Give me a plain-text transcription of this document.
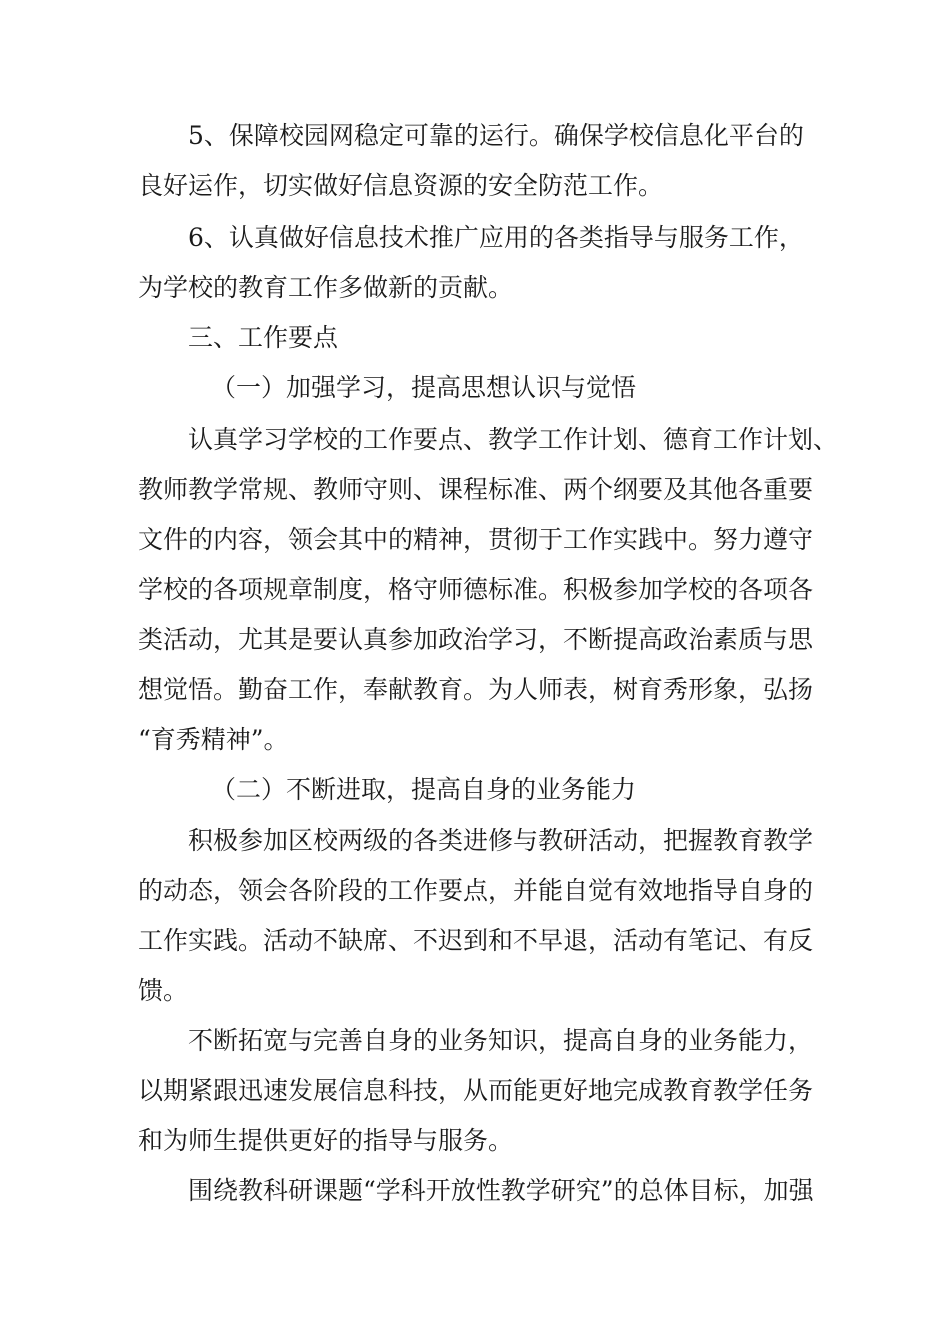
5、保障校园网稳定可靠的运行。确保学校信息化平台的
良好运作，切实做好信息资源的安全防范工作。
6、认真做好信息技术推广应用的各类指导与服务工作，
为学校的教育工作多做新的贡献。
三、工作要点
（一）加强学习，提高思想认识与觉悟
认真学习学校的工作要点、教学工作计划、德育工作计划、
教师教学常规、教师守则、课程标准、两个纲要及其他各重要
文件的内容，领会其中的精神，贯彻于工作实践中。努力遵守
学校的各项规章制度，格守师德标准。积极参加学校的各项各
类活动，尤其是要认真参加政治学习，不断提高政治素质与思
想觉悟。勤奋工作，奉献教育。为人师表，树育秀形象，弘扬
“育秀精神”。
（二）不断进取，提高自身的业务能力
积极参加区校两级的各类进修与教研活动，把握教育教学
的动态，领会各阶段的工作要点，并能自觉有效地指导自身的
工作实践。活动不缺席、不迟到和不早退，活动有笔记、有反
馈。
不断拓宽与完善自身的业务知识，提高自身的业务能力，
以期紧跟迅速发展信息科技，从而能更好地完成教育教学任务
和为师生提供更好的指导与服务。
围绕教科研课题“学科开放性教学研究”的总体目标，加强
